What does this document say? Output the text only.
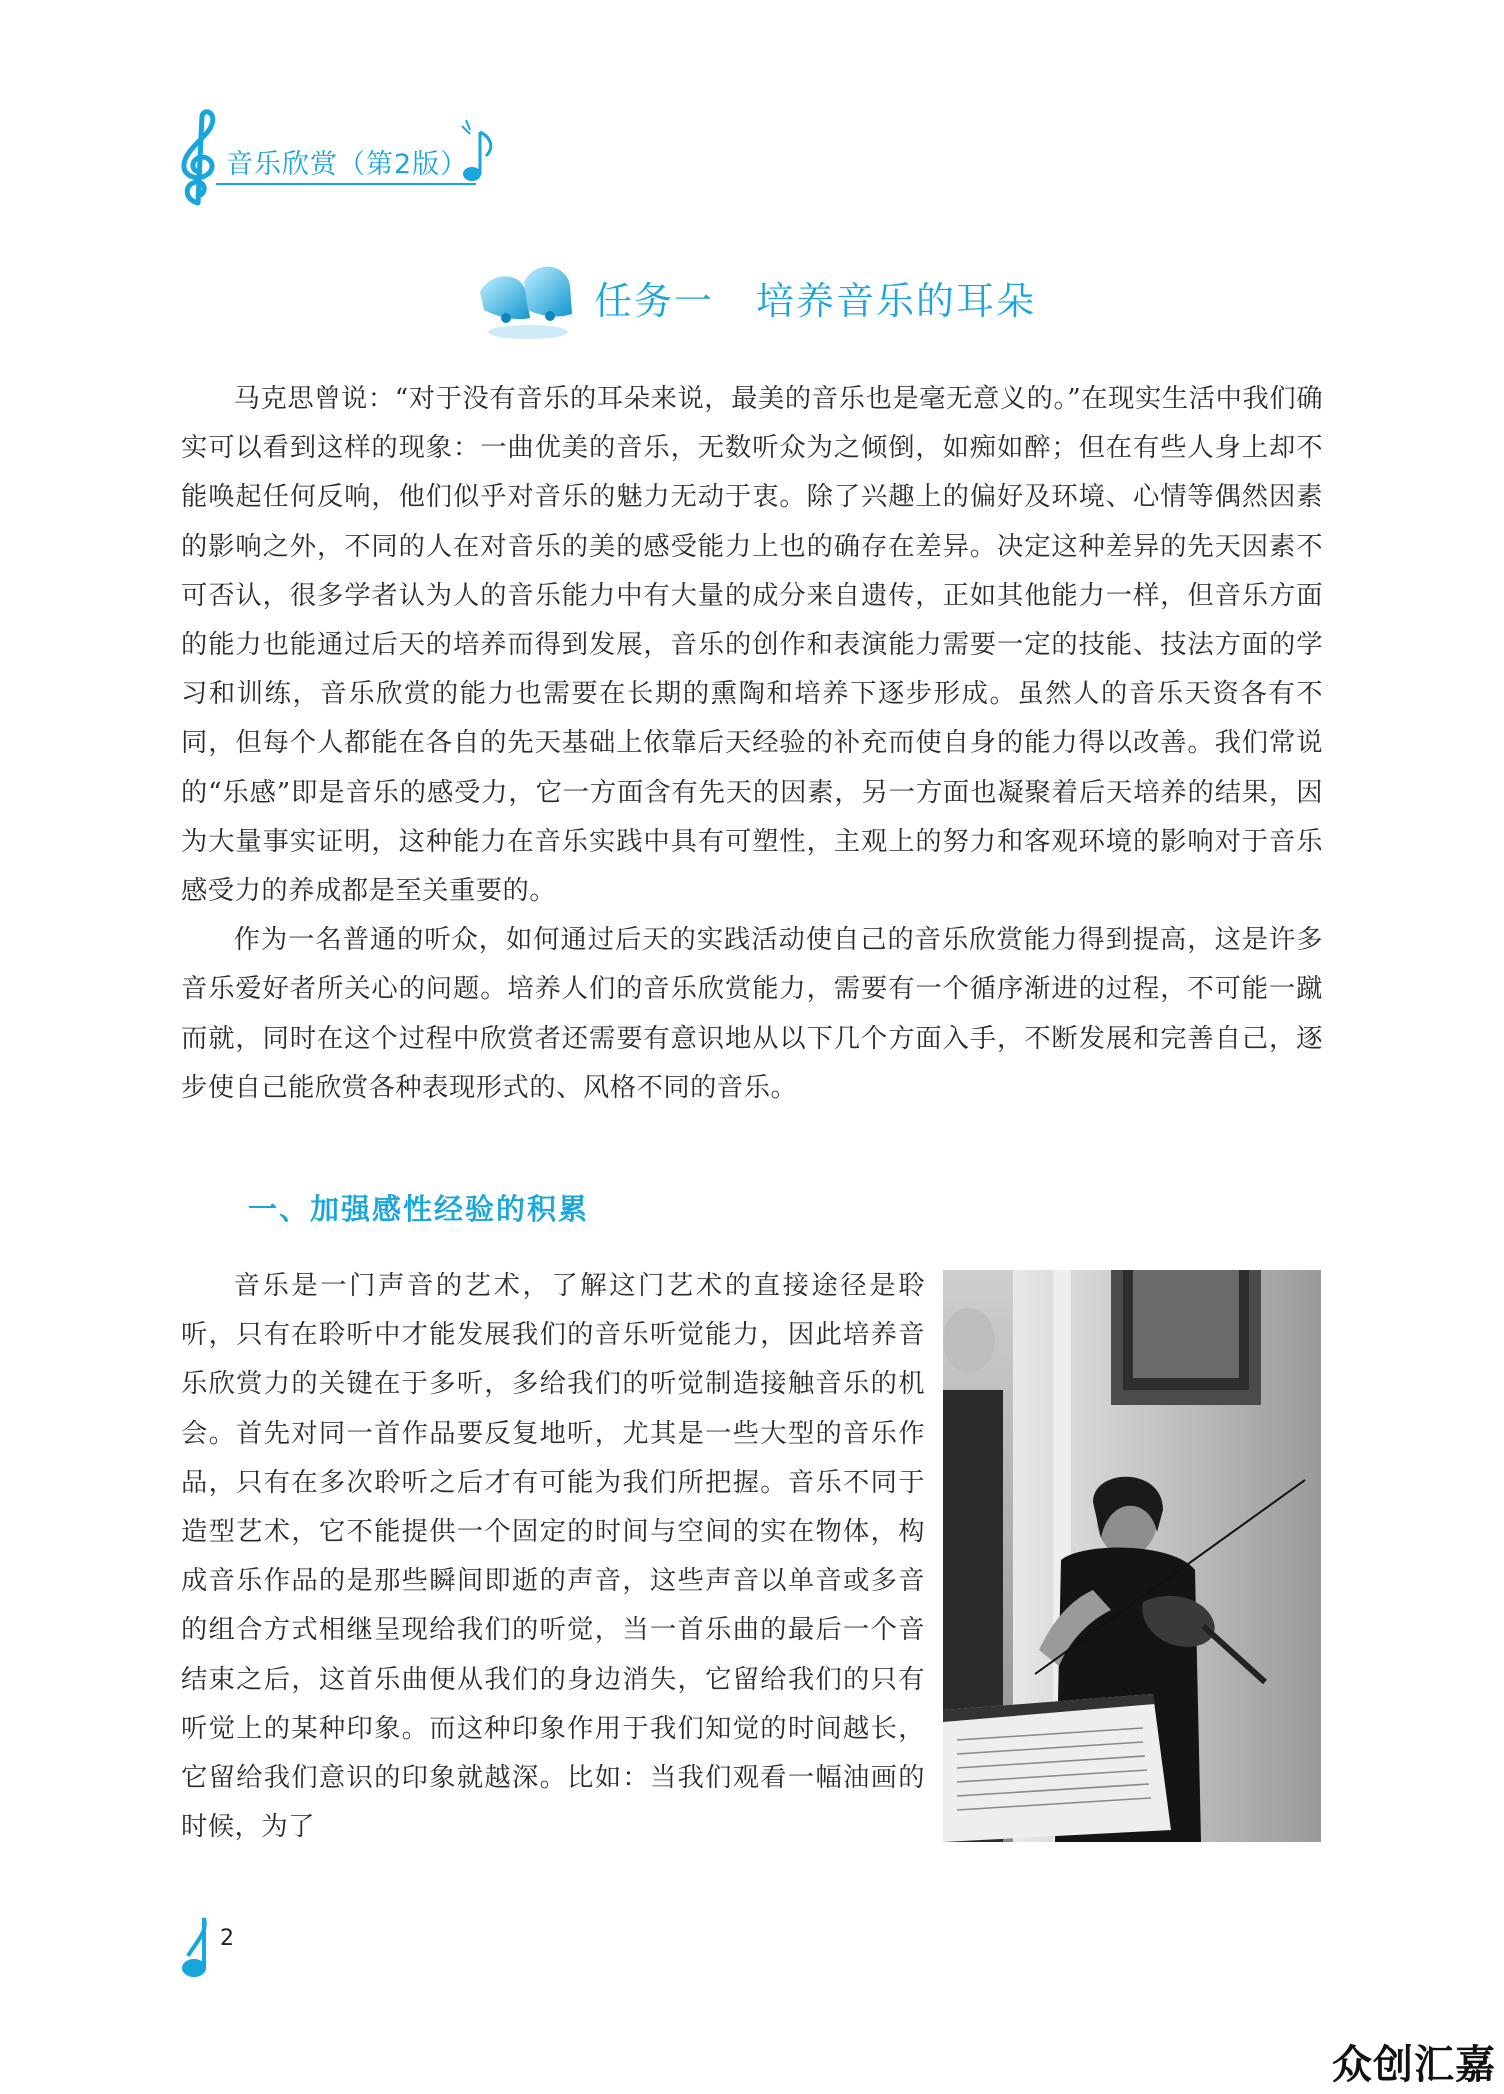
音乐欣赏（第2版）
任务一 培养音乐的耳朵

马克思曾说：“对于没有音乐的耳朵来说，最美的音乐也是毫无意义的。”在现实生活中我们确实可以看到这样的现象：一曲优美的音乐，无数听众为之倾倒，如痴如醉；但在有些人身上却不能唤起任何反响，他们似乎对音乐的魅力无动于衷。除了兴趣上的偏好及环境、心情等偶然因素的影响之外，不同的人在对音乐的美的感受能力上也的确存在差异。决定这种差异的先天因素不可否认，很多学者认为人的音乐能力中有大量的成分来自遗传，正如其他能力一样，但音乐方面的能力也能通过后天的培养而得到发展，音乐的创作和表演能力需要一定的技能、技法方面的学习和训练，音乐欣赏的能力也需要在长期的熏陶和培养下逐步形成。虽然人的音乐天资各有不同，但每个人都能在各自的先天基础上依靠后天经验的补充而使自身的能力得以改善。我们常说的“乐感”即是音乐的感受力，它一方面含有先天的因素，另一方面也凝聚着后天培养的结果，因为大量事实证明，这种能力在音乐实践中具有可塑性，主观上的努力和客观环境的影响对于音乐感受力的养成都是至关重要的。

作为一名普通的听众，如何通过后天的实践活动使自己的音乐欣赏能力得到提高，这是许多音乐爱好者所关心的问题。培养人们的音乐欣赏能力，需要有一个循序渐进的过程，不可能一蹴而就，同时在这个过程中欣赏者还需要有意识地从以下几个方面入手，不断发展和完善自己，逐步使自己能欣赏各种表现形式的、风格不同的音乐。

一、加强感性经验的积累

音乐是一门声音的艺术，了解这门艺术的直接途径是聆听，只有在聆听中才能发展我们的音乐听觉能力，因此培养音乐欣赏力的关键在于多听，多给我们的听觉制造接触音乐的机会。首先对同一首作品要反复地听，尤其是一些大型的音乐作品，只有在多次聆听之后才有可能为我们所把握。音乐不同于造型艺术，它不能提供一个固定的时间与空间的实在物体，构成音乐作品的是那些瞬间即逝的声音，这些声音以单音或多音的组合方式相继呈现给我们的听觉，当一首乐曲的最后一个音结束之后，这首乐曲便从我们的身边消失，它留给我们的只有听觉上的某种印象。而这种印象作用于我们知觉的时间越长，它留给我们意识的印象就越深。比如：当我们观看一幅油画的时候，为了

2
众创汇嘉
